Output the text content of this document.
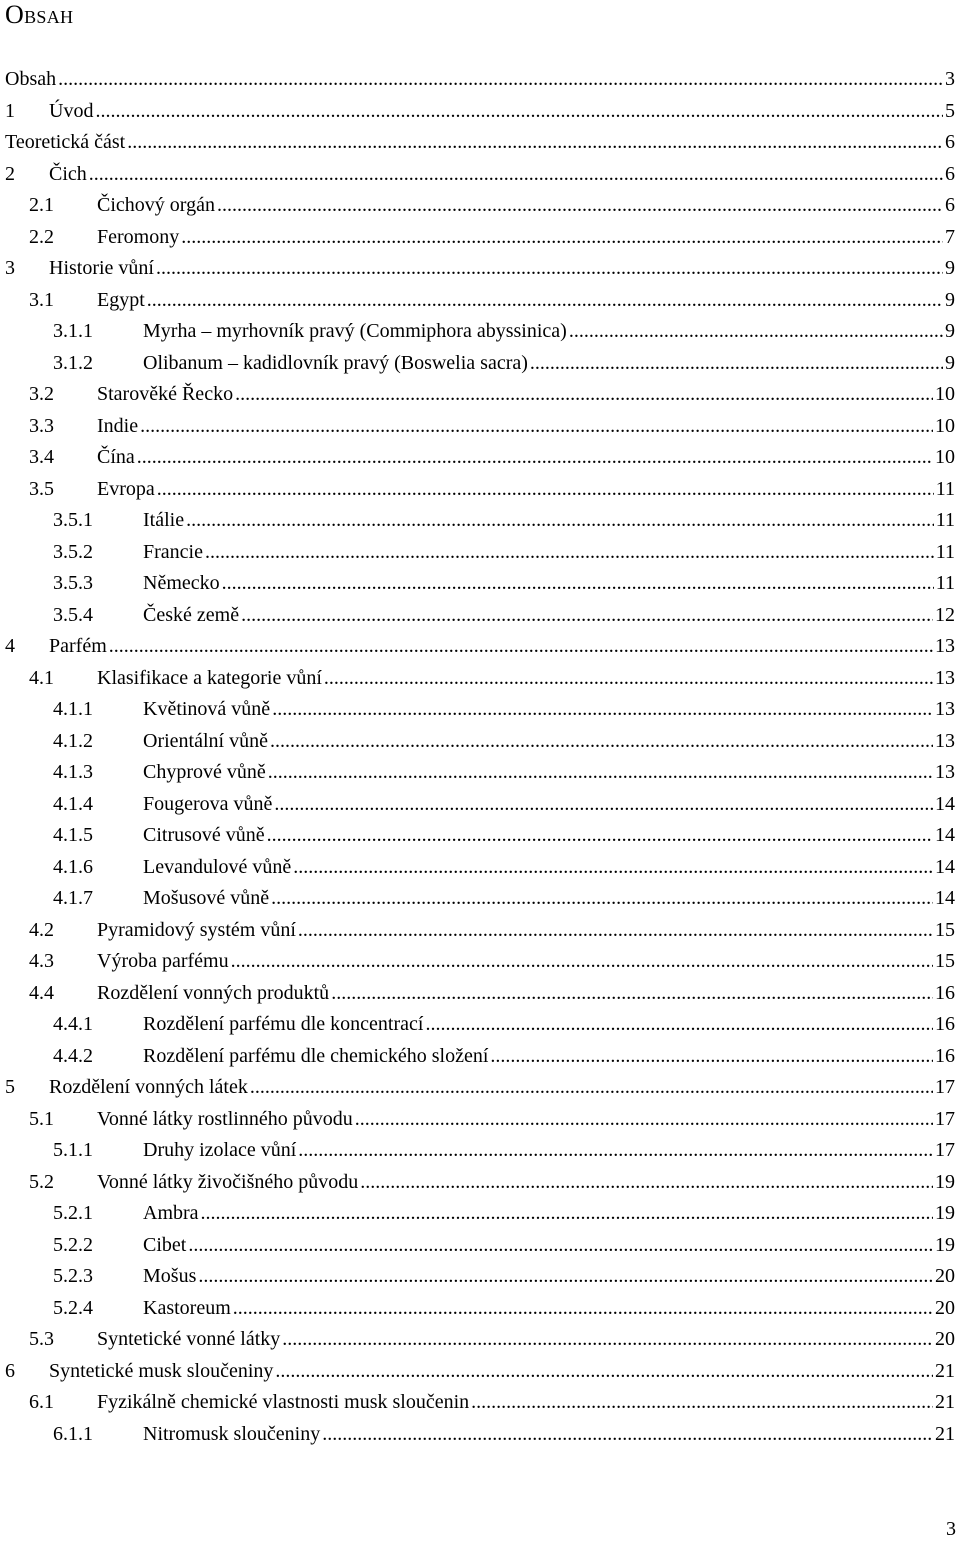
Obsah
Obsah .....	3
1 Úvod .....	5
Teoretická část .....	6
2 Čich .....	6
2.1 Čichový orgán .....	6
2.2 Feromony .....	7
3 Historie vůní .....	9
3.1 Egypt .....	9
3.1.1	Myrha – myrhovník pravý (Commiphora abyssinica) .....	9
3.1.2	Olibanum – kadidlovník pravý (Boswelia sacra) .....	9
3.2 Starověké Řecko .....	10
3.3 Indie .....	10
3.4 Čína .....	10
3.5 Evropa .....	11
3.5.1	Itálie .....	11
3.5.2	Francie .....	11
3.5.3	Německo .....	11
3.5.4	České země .....	12
4 Parfém .....	13
4.1 Klasifikace a kategorie vůní .....	13
4.1.1	Květinová vůně .....	13
4.1.2	Orientální vůně .....	13
4.1.3	Chyprové vůně .....	13
4.1.4	Fougerova vůně .....	14
4.1.5	Citrusové vůně .....	14
4.1.6	Levandulové vůně .....	14
4.1.7	Mošusové vůně .....	14
4.2 Pyramidový systém vůní .....	15
4.3 Výroba parfému .....	15
4.4 Rozdělení vonných produktů .....	16
4.4.1	Rozdělení parfému dle koncentrací .....	16
4.4.2	Rozdělení parfému dle chemického složení .....	16
5 Rozdělení vonných látek .....	17
5.1 Vonné látky rostlinného původu .....	17
5.1.1	Druhy izolace vůní .....	17
5.2 Vonné látky živočišného původu .....	19
5.2.1	Ambra .....	19
5.2.2	Cibet .....	19
5.2.3	Mošus .....	20
5.2.4	Kastoreum .....	20
5.3 Syntetické vonné látky .....	20
6 Syntetické musk sloučeniny .....	21
6.1 Fyzikálně chemické vlastnosti musk sloučenin .....	21
6.1.1	Nitromusk sloučeniny .....	21
3
